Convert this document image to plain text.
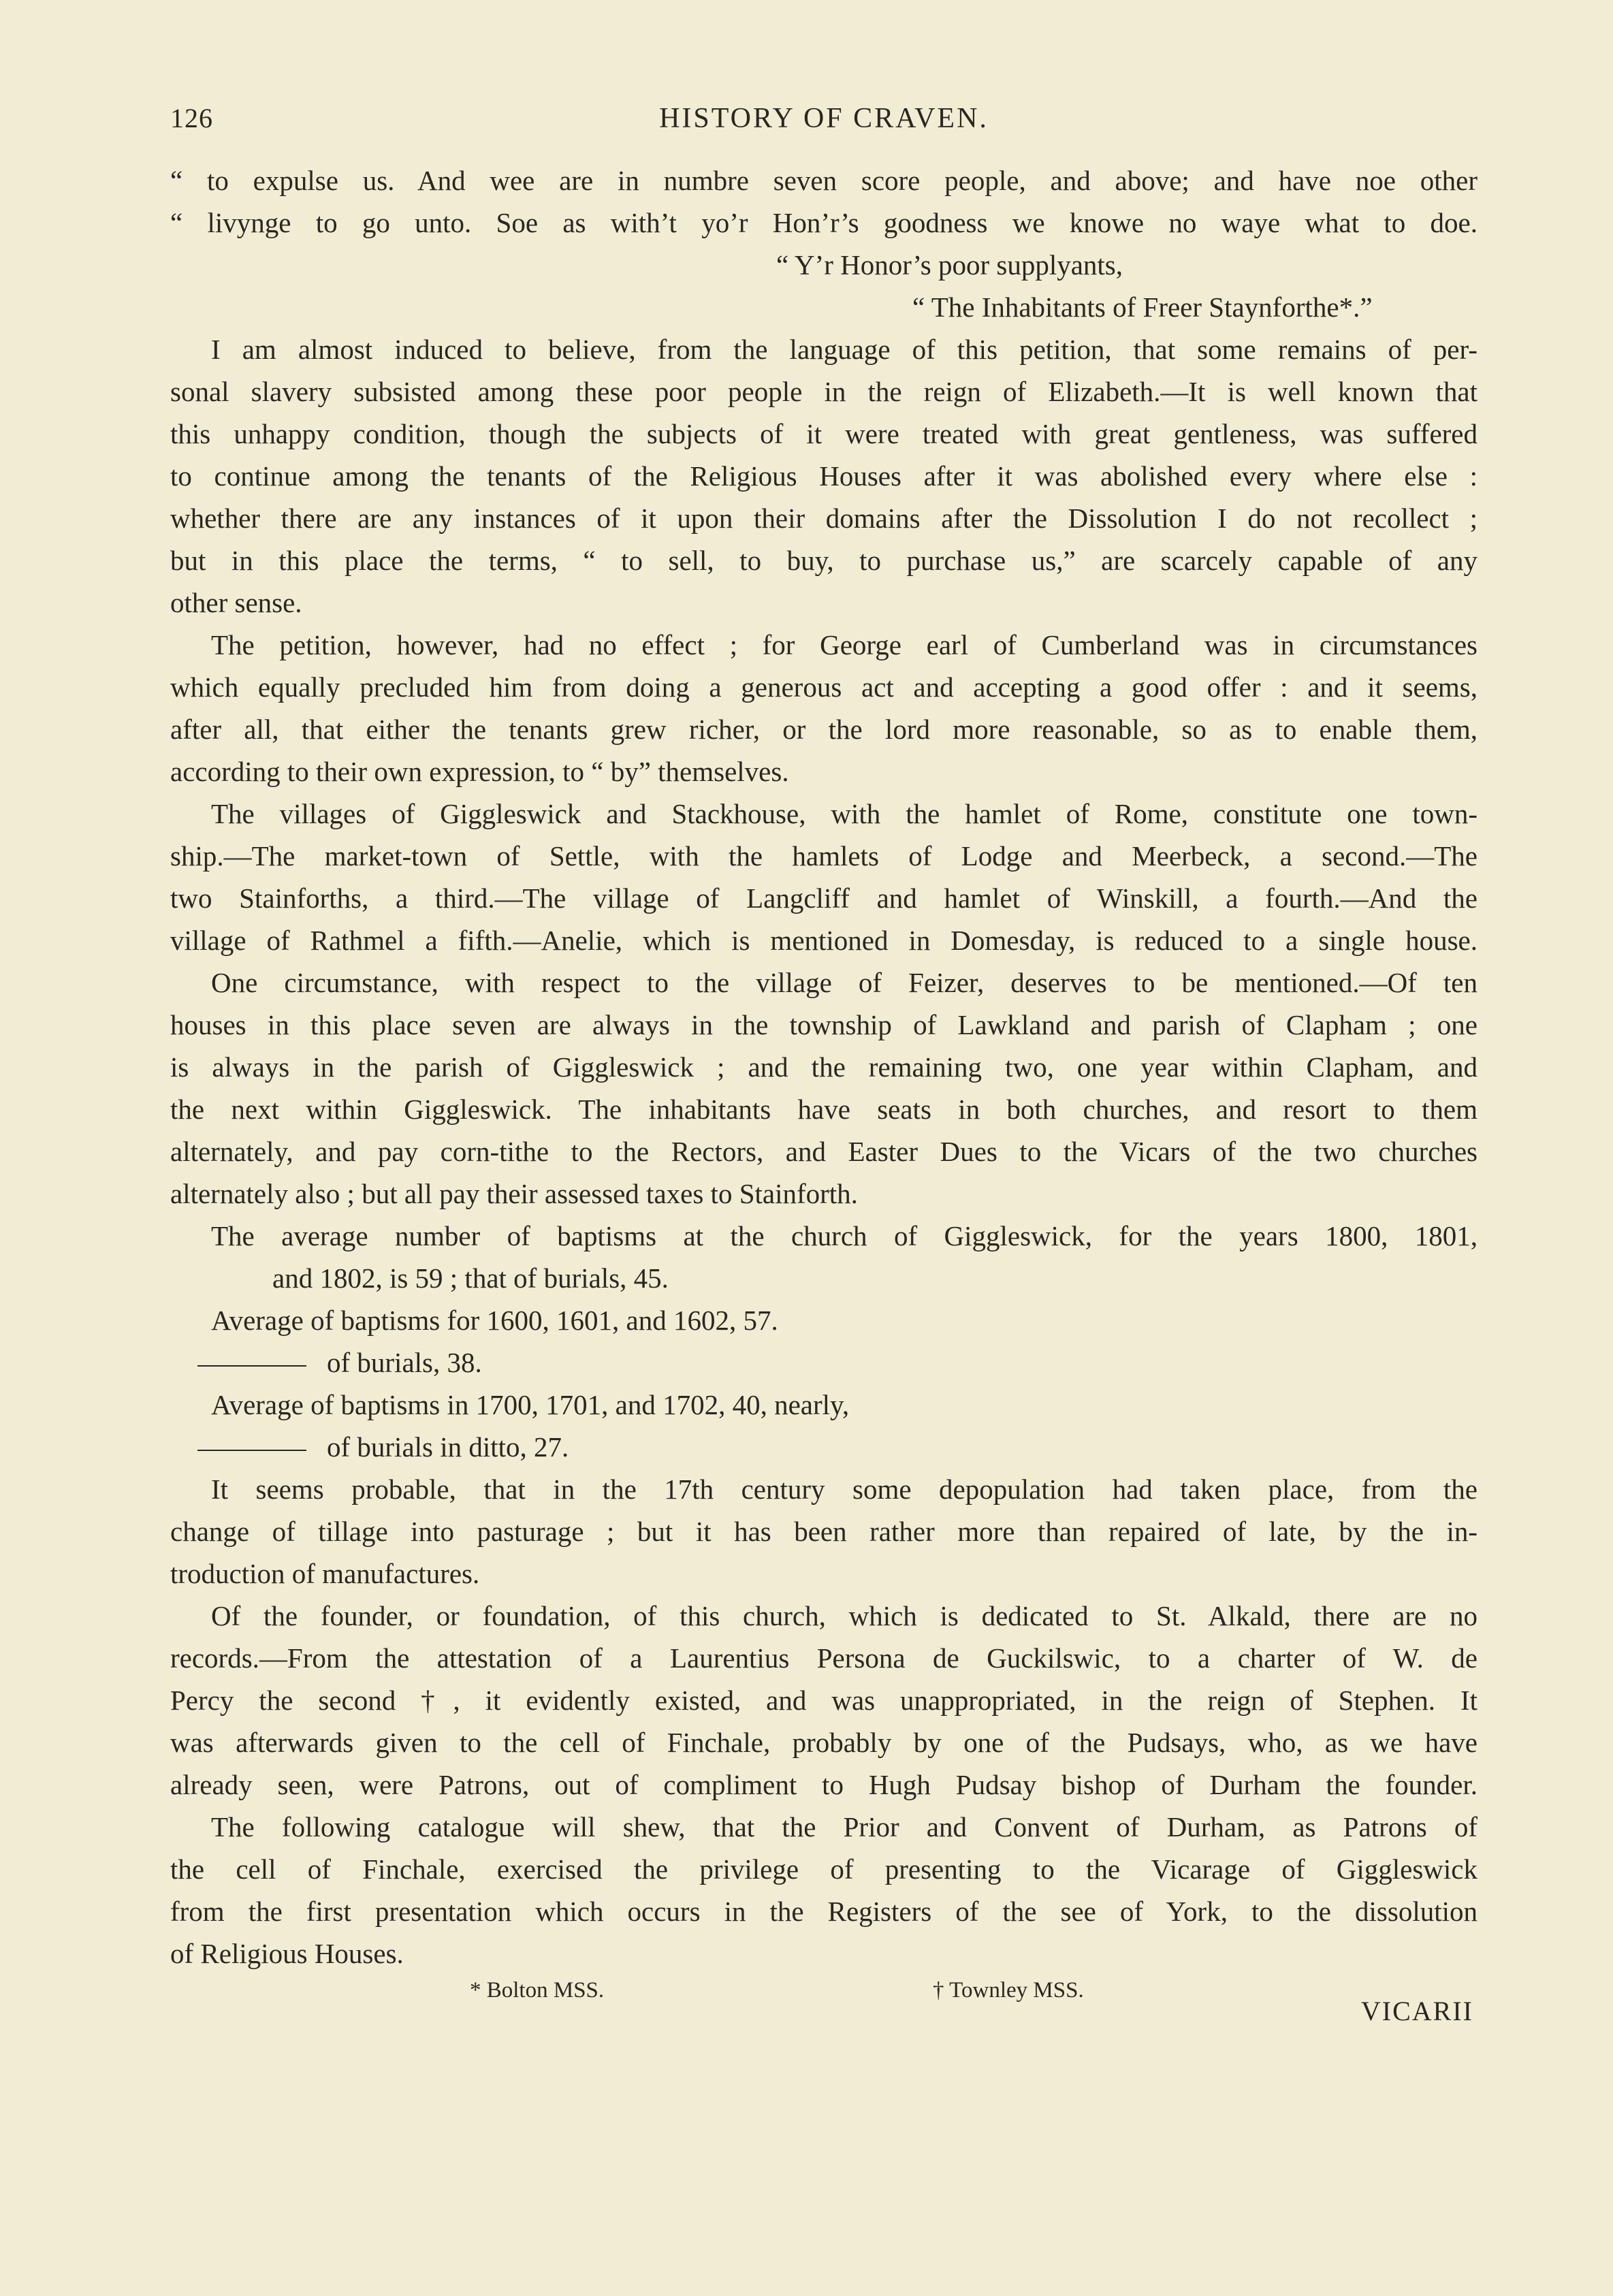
126	HISTORY OF CRAVEN.
“ to expulse us. And wee are in numbre seven score people, and above; and have noe other
“ livynge to go unto. Soe as with’t yo’r Hon’r’s goodness we knowe no waye what to doe.
“ Y’r Honor’s poor supplyants,
“ The Inhabitants of Freer Staynforthe*.”
I am almost induced to believe, from the language of this petition, that some remains of per-
sonal slavery subsisted among these poor people in the reign of Elizabeth.—It is well known that
this unhappy condition, though the subjects of it were treated with great gentleness, was suffered
to continue among the tenants of the Religious Houses after it was abolished every where else :
whether there are any instances of it upon their domains after the Dissolution I do not recollect ;
but in this place the terms, “ to sell, to buy, to purchase us,” are scarcely capable of any
other sense.
The petition, however, had no effect ; for George earl of Cumberland was in circumstances
which equally precluded him from doing a generous act and accepting a good offer : and it seems,
after all, that either the tenants grew richer, or the lord more reasonable, so as to enable them,
according to their own expression, to “ by” themselves.
The villages of Giggleswick and Stackhouse, with the hamlet of Rome, constitute one town-
ship.—The market-town of Settle, with the hamlets of Lodge and Meerbeck, a second.—The
two Stainforths, a third.—The village of Langcliff and hamlet of Winskill, a fourth.—And the
village of Rathmel a fifth.—Anelie, which is mentioned in Domesday, is reduced to a single house.
One circumstance, with respect to the village of Feizer, deserves to be mentioned.—Of ten
houses in this place seven are always in the township of Lawkland and parish of Clapham ; one
is always in the parish of Giggleswick ; and the remaining two, one year within Clapham, and
the next within Giggleswick. The inhabitants have seats in both churches, and resort to them
alternately, and pay corn-tithe to the Rectors, and Easter Dues to the Vicars of the two churches
alternately also ; but all pay their assessed taxes to Stainforth.
The average number of baptisms at the church of Giggleswick, for the years 1800, 1801,
and 1802, is 59 ; that of burials, 45.
Average of baptisms for 1600, 1601, and 1602, 57.
of burials, 38.
Average of baptisms in 1700, 1701, and 1702, 40, nearly,
of burials in ditto, 27.
It seems probable, that in the 17th century some depopulation had taken place, from the
change of tillage into pasturage ; but it has been rather more than repaired of late, by the in-
troduction of manufactures.
Of the founder, or foundation, of this church, which is dedicated to St. Alkald, there are no
records.—From the attestation of a Laurentius Persona de Guckilswic, to a charter of W. de
Percy the second †, it evidently existed, and was unappropriated, in the reign of Stephen. It
was afterwards given to the cell of Finchale, probably by one of the Pudsays, who, as we have
already seen, were Patrons, out of compliment to Hugh Pudsay bishop of Durham the founder.
The following catalogue will shew, that the Prior and Convent of Durham, as Patrons of
the cell of Finchale, exercised the privilege of presenting to the Vicarage of Giggleswick
from the first presentation which occurs in the Registers of the see of York, to the dissolution
of Religious Houses.
* Bolton MSS.	† Townley MSS.
VICARII
